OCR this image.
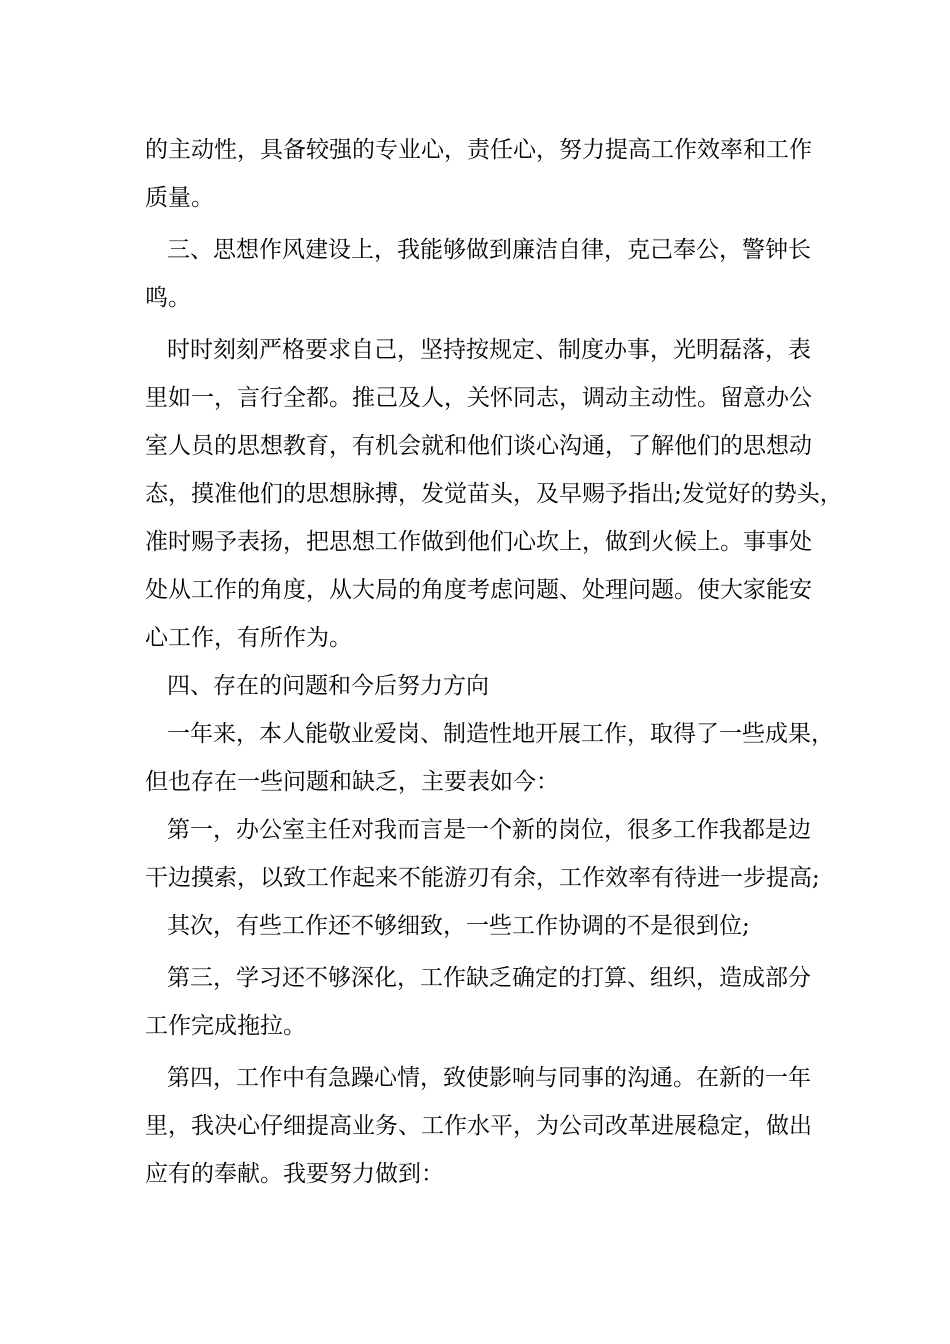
的主动性，具备较强的专业心，责任心，努力提高工作效率和工作
质量。
三、思想作风建设上，我能够做到廉洁自律，克己奉公，警钟长
鸣。
时时刻刻严格要求自己，坚持按规定、制度办事，光明磊落，表
里如一，言行全都。推己及人，关怀同志，调动主动性。留意办公
室人员的思想教育，有机会就和他们谈心沟通，了解他们的思想动
态，摸准他们的思想脉搏，发觉苗头，及早赐予指出;发觉好的势头，
准时赐予表扬，把思想工作做到他们心坎上，做到火候上。事事处
处从工作的角度，从大局的角度考虑问题、处理问题。使大家能安
心工作，有所作为。
四、存在的问题和今后努力方向
一年来，本人能敬业爱岗、制造性地开展工作，取得了一些成果，
但也存在一些问题和缺乏，主要表如今：
第一，办公室主任对我而言是一个新的岗位，很多工作我都是边
干边摸索，以致工作起来不能游刃有余，工作效率有待进一步提高;
其次，有些工作还不够细致，一些工作协调的不是很到位;
第三，学习还不够深化，工作缺乏确定的打算、组织，造成部分
工作完成拖拉。
第四，工作中有急躁心情，致使影响与同事的沟通。在新的一年
里，我决心仔细提高业务、工作水平，为公司改革进展稳定，做出
应有的奉献。我要努力做到：
